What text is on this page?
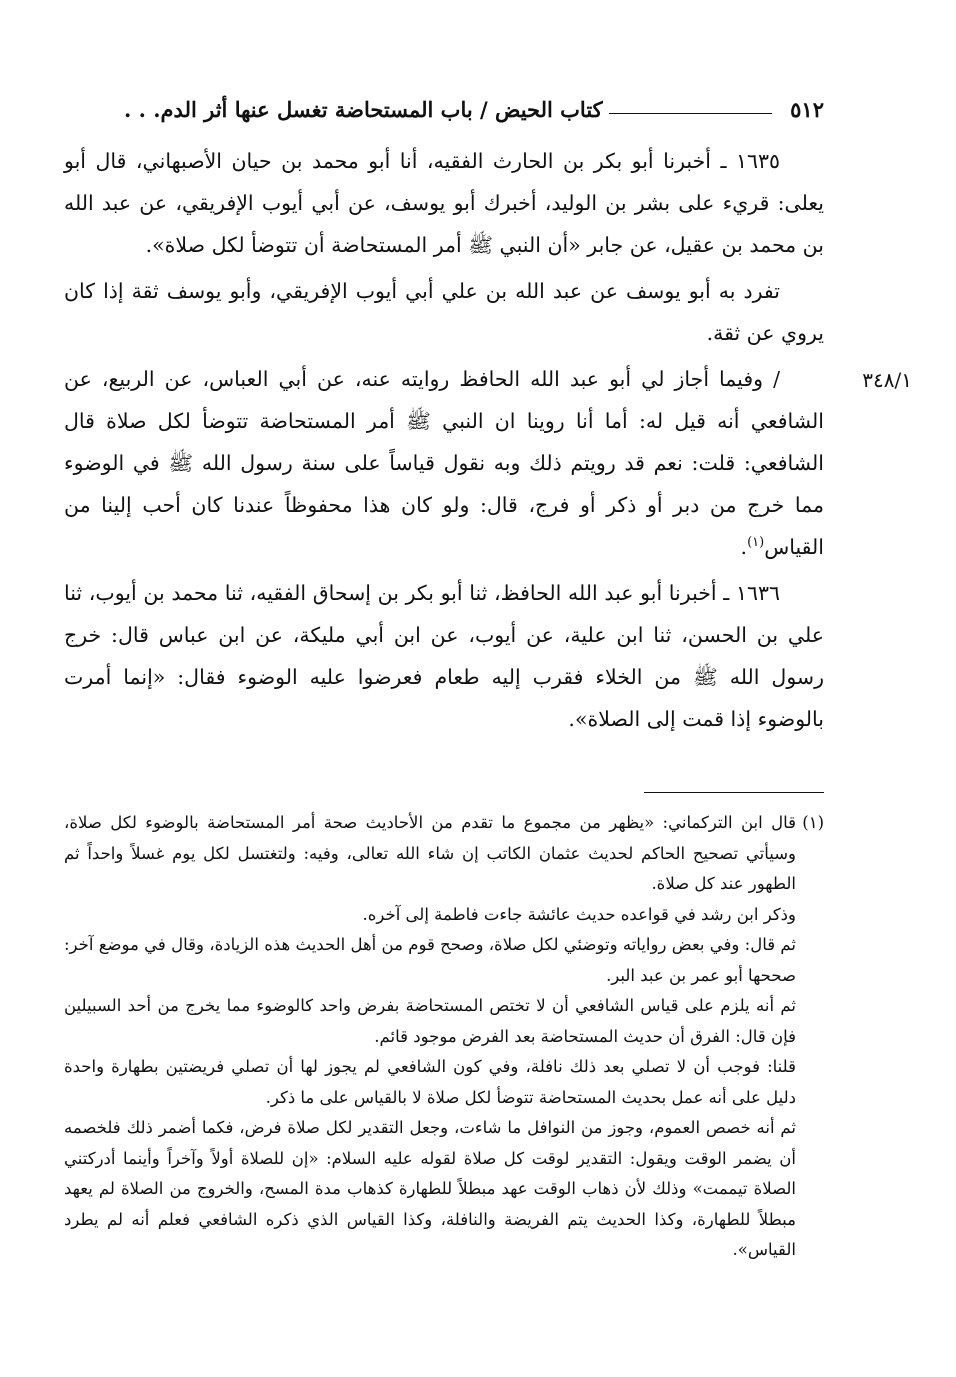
٥١٢
كتاب الحيض / باب المستحاضة تغسل عنها أثر الدم. . .
٣٤٨/١

١٦٣٥ ـ أخبرنا أبو بكر بن الحارث الفقيه، أنا أبو محمد بن حيان الأصبهاني، قال أبو يعلى: قريء على بشر بن الوليد، أخبرك أبو يوسف، عن أبي أيوب الإفريقي، عن عبد الله بن محمد بن عقيل، عن جابر «أن النبي ﷺ أمر المستحاضة أن تتوضأ لكل صلاة».

تفرد به أبو يوسف عن عبد الله بن علي أبي أيوب الإفريقي، وأبو يوسف ثقة إذا كان يروي عن ثقة.

/ وفيما أجاز لي أبو عبد الله الحافظ روايته عنه، عن أبي العباس، عن الربيع، عن الشافعي أنه قيل له: أما أنا روينا ان النبي ﷺ أمر المستحاضة تتوضأ لكل صلاة قال الشافعي: قلت: نعم قد رويتم ذلك وبه نقول قياساً على سنة رسول الله ﷺ في الوضوء مما خرج من دبر أو ذكر أو فرج، قال: ولو كان هذا محفوظاً عندنا كان أحب إلينا من القياس$^{(١)}$.

١٦٣٦ ـ أخبرنا أبو عبد الله الحافظ، ثنا أبو بكر بن إسحاق الفقيه، ثنا محمد بن أيوب، ثنا علي بن الحسن، ثنا ابن علية، عن أيوب، عن ابن أبي مليكة، عن ابن عباس قال: خرج رسول الله ﷺ من الخلاء فقرب إليه طعام فعرضوا عليه الوضوء فقال: «إنما أمرت بالوضوء إذا قمت إلى الصلاة».

(١)قال ابن التركماني: «يظهر من مجموع ما تقدم من الأحاديث صحة أمر المستحاضة بالوضوء لكل صلاة، وسيأتي تصحيح الحاكم لحديث عثمان الكاتب إن شاء الله تعالى، وفيه: ولتغتسل لكل يوم غسلاً واحداً ثم الطهور عند كل صلاة.

وذكر ابن رشد في قواعده حديث عائشة جاءت فاطمة إلى آخره.

ثم قال: وفي بعض رواياته وتوضئي لكل صلاة، وصحح قوم من أهل الحديث هذه الزيادة، وقال في موضع آخر: صححها أبو عمر بن عبد البر.

ثم أنه يلزم على قياس الشافعي أن لا تختص المستحاضة بفرض واحد كالوضوء مما يخرج من أحد السبيلين فإن قال: الفرق أن حديث المستحاضة بعد الفرض موجود قائم.

قلنا: فوجب أن لا تصلي بعد ذلك نافلة، وفي كون الشافعي لم يجوز لها أن تصلي فريضتين بطهارة واحدة دليل على أنه عمل بحديث المستحاضة تتوضأ لكل صلاة لا بالقياس على ما ذكر.

ثم أنه خصص العموم، وجوز من النوافل ما شاءت، وجعل التقدير لكل صلاة فرض، فكما أضمر ذلك فلخصمه أن يضمر الوقت ويقول: التقدير لوقت كل صلاة لقوله عليه السلام: «إن للصلاة أولاً وآخراً وأينما أدركتني الصلاة تيممت» وذلك لأن ذهاب الوقت عهد مبطلاً للطهارة كذهاب مدة المسح، والخروج من الصلاة لم يعهد مبطلاً للطهارة، وكذا الحديث يتم الفريضة والنافلة، وكذا القياس الذي ذكره الشافعي فعلم أنه لم يطرد القياس».
